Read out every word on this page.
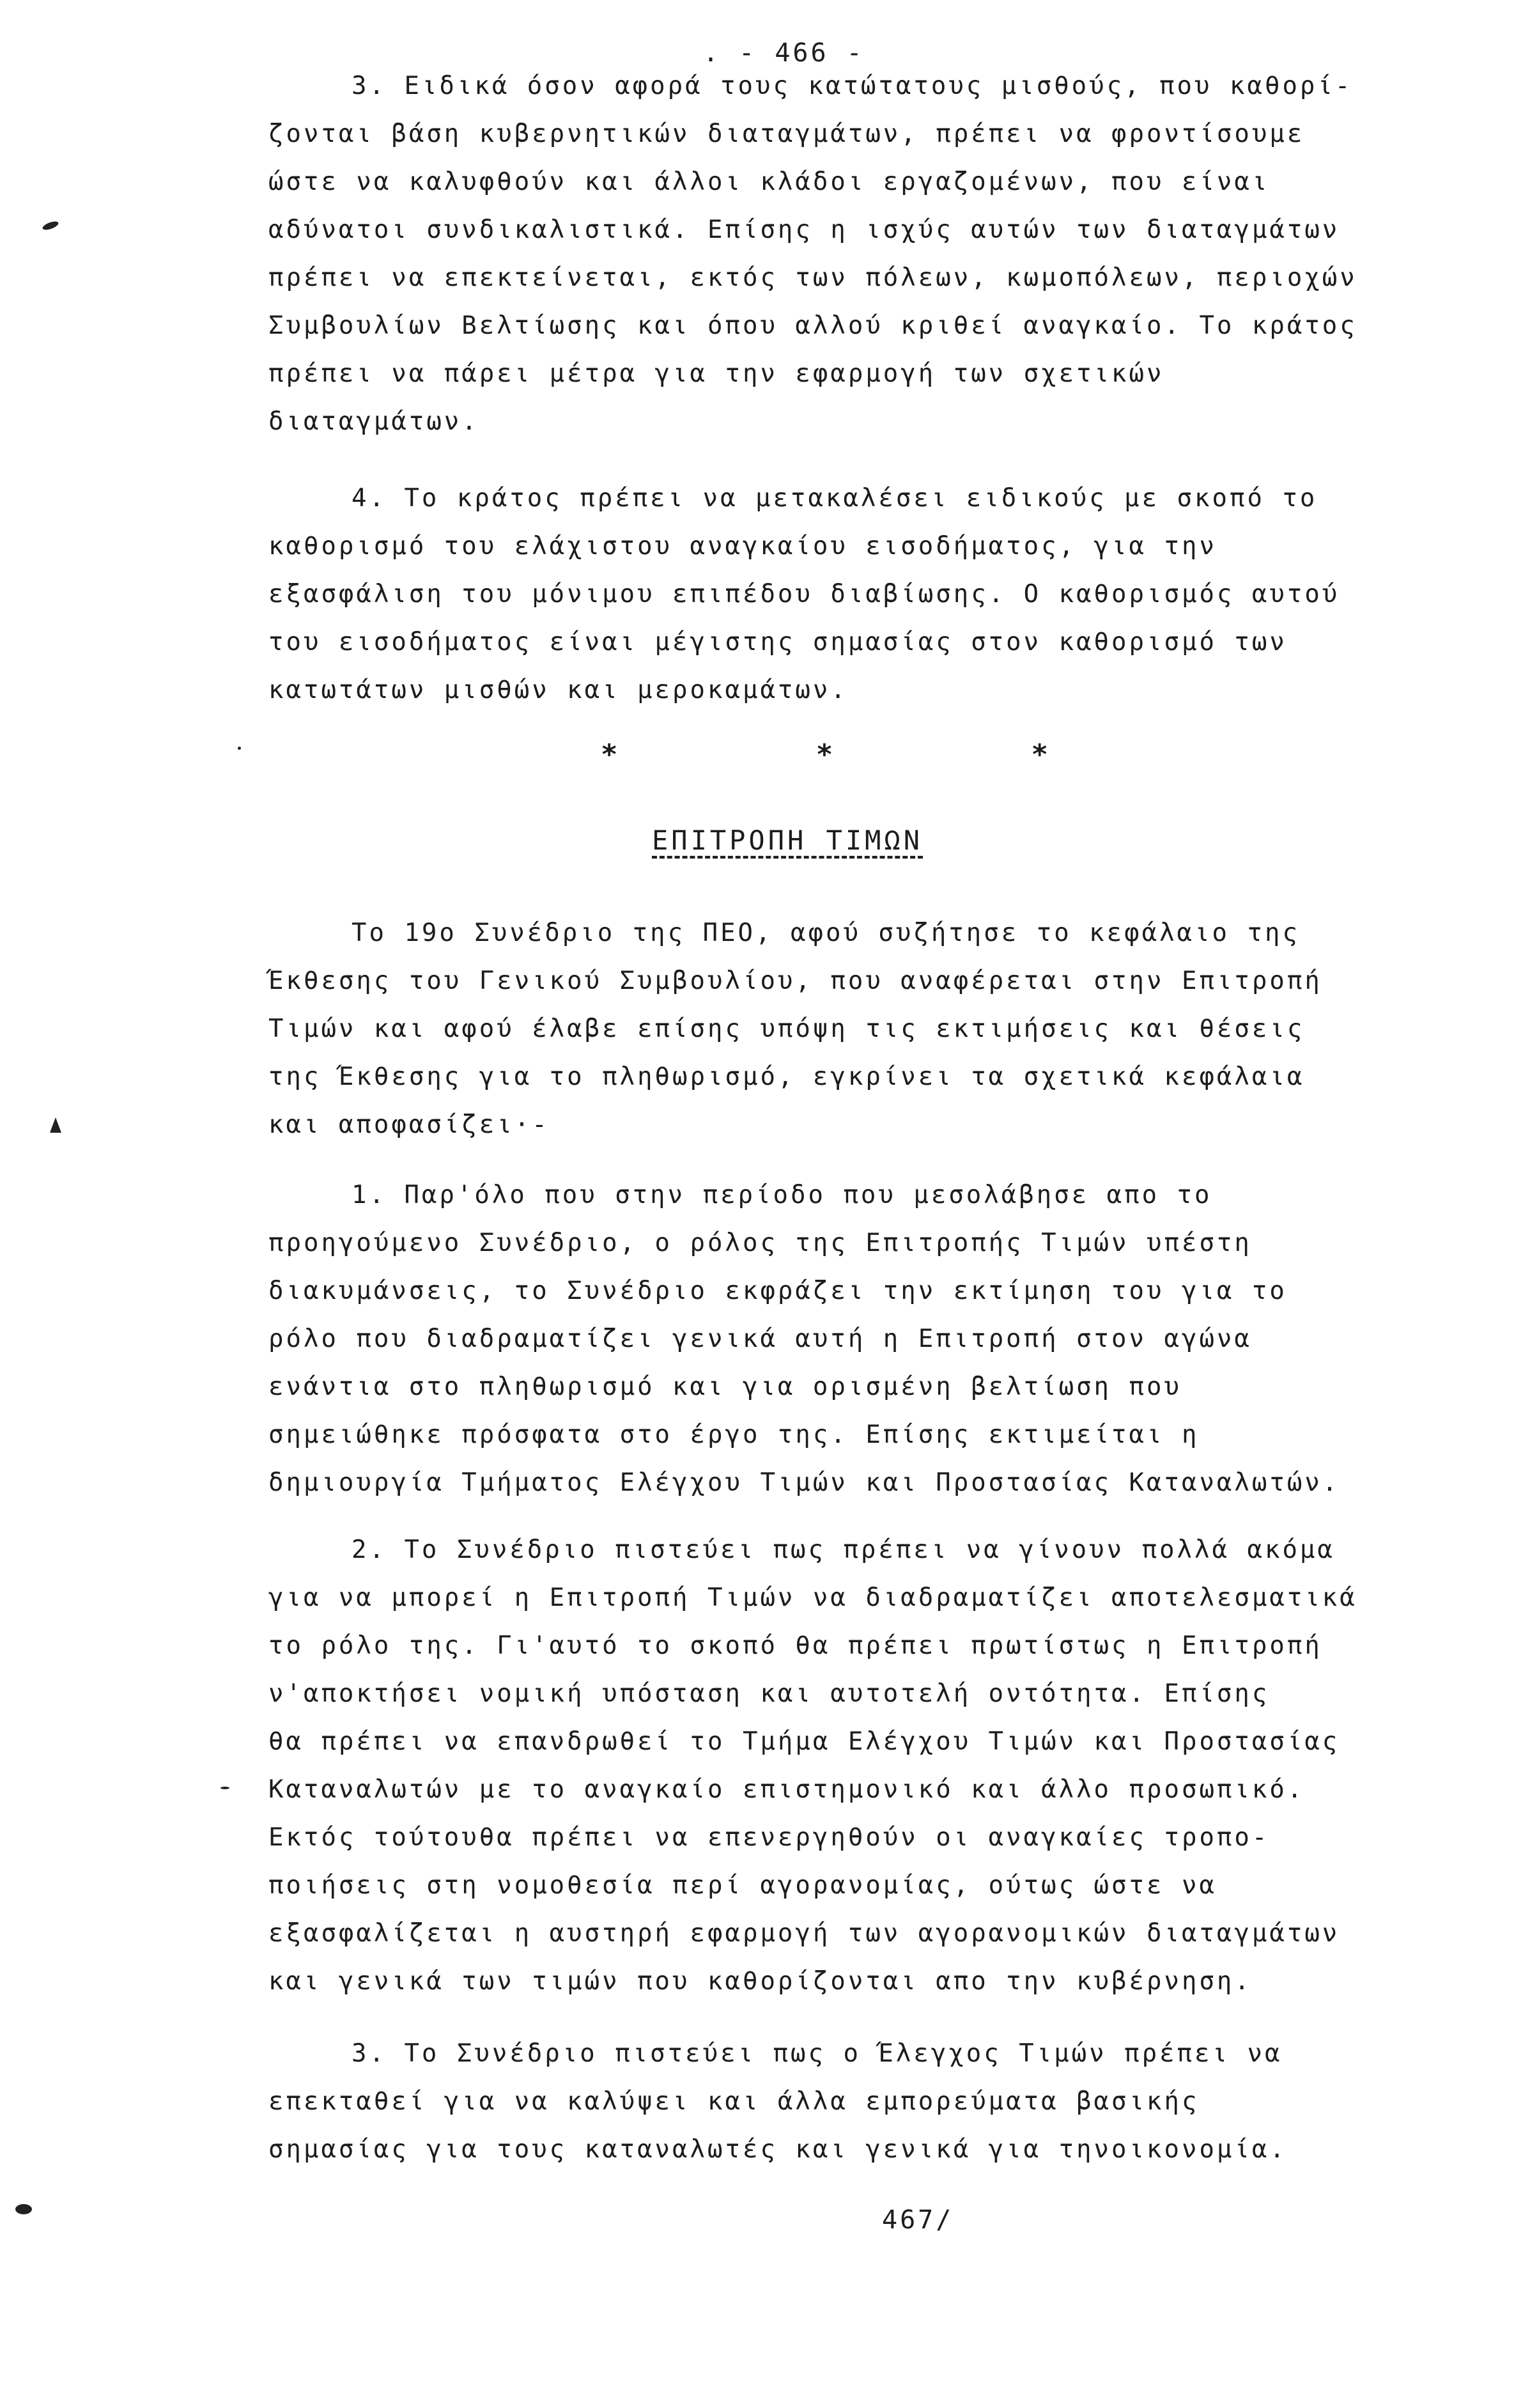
. - 466 -
3. Ειδικά όσον αφορά τους κατώτατους μισθούς, που καθορί-
ζονται βάση κυβερνητικών διαταγμάτων, πρέπει να φροντίσουμε
ώστε να καλυφθούν και άλλοι κλάδοι εργαζομένων, που είναι
αδύνατοι συνδικαλιστικά. Επίσης η ισχύς αυτών των διαταγμάτων
πρέπει να επεκτείνεται, εκτός των πόλεων, κωμοπόλεων, περιοχών
Συμβουλίων Βελτίωσης και όπου αλλού κριθεί αναγκαίο. Το κράτος
πρέπει να πάρει μέτρα για την εφαρμογή των σχετικών
διαταγμάτων.
4. Το κράτος πρέπει να μετακαλέσει ειδικούς με σκοπό το
καθορισμό του ελάχιστου αναγκαίου εισοδήματος, για την
εξασφάλιση του μόνιμου επιπέδου διαβίωσης. Ο καθορισμός αυτού
του εισοδήματος είναι μέγιστης σημασίας στον καθορισμό των
κατωτάτων μισθών και μεροκαμάτων.
*	*	*
ΕΠΙΤΡΟΠΗ ΤΙΜΩΝ
Το 19ο Συνέδριο της ΠΕΟ, αφού συζήτησε το κεφάλαιο της
Έκθεσης του Γενικού Συμβουλίου, που αναφέρεται στην Επιτροπή
Τιμών και αφού έλαβε επίσης υπόψη τις εκτιμήσεις και θέσεις
της Έκθεσης για το πληθωρισμό, εγκρίνει τα σχετικά κεφάλαια
και αποφασίζει·-
1. Παρ'όλο που στην περίοδο που μεσολάβησε απο το
προηγούμενο Συνέδριο, ο ρόλος της Επιτροπής Τιμών υπέστη
διακυμάνσεις, το Συνέδριο εκφράζει την εκτίμηση του για το
ρόλο που διαδραματίζει γενικά αυτή η Επιτροπή στον αγώνα
ενάντια στο πληθωρισμό και για ορισμένη βελτίωση που
σημειώθηκε πρόσφατα στο έργο της. Επίσης εκτιμείται η
δημιουργία Τμήματος Ελέγχου Τιμών και Προστασίας Καταναλωτών.
2. Το Συνέδριο πιστεύει πως πρέπει να γίνουν πολλά ακόμα
για να μπορεί η Επιτροπή Τιμών να διαδραματίζει αποτελεσματικά
το ρόλο της. Γι'αυτό το σκοπό θα πρέπει πρωτίστως η Επιτροπή
ν'αποκτήσει νομική υπόσταση και αυτοτελή οντότητα. Επίσης
θα πρέπει να επανδρωθεί το Τμήμα Ελέγχου Τιμών και Προστασίας
Καταναλωτών με το αναγκαίο επιστημονικό και άλλο προσωπικό.
Εκτός τούτουθα πρέπει να επενεργηθούν οι αναγκαίες τροπο-
ποιήσεις στη νομοθεσία περί αγορανομίας, ούτως ώστε να
εξασφαλίζεται η αυστηρή εφαρμογή των αγορανομικών διαταγμάτων
και γενικά των τιμών που καθορίζονται απο την κυβέρνηση.
3. Το Συνέδριο πιστεύει πως ο Έλεγχος Τιμών πρέπει να
επεκταθεί για να καλύψει και άλλα εμπορεύματα βασικής
σημασίας για τους καταναλωτές και γενικά για τηνοικονομία.
467/
